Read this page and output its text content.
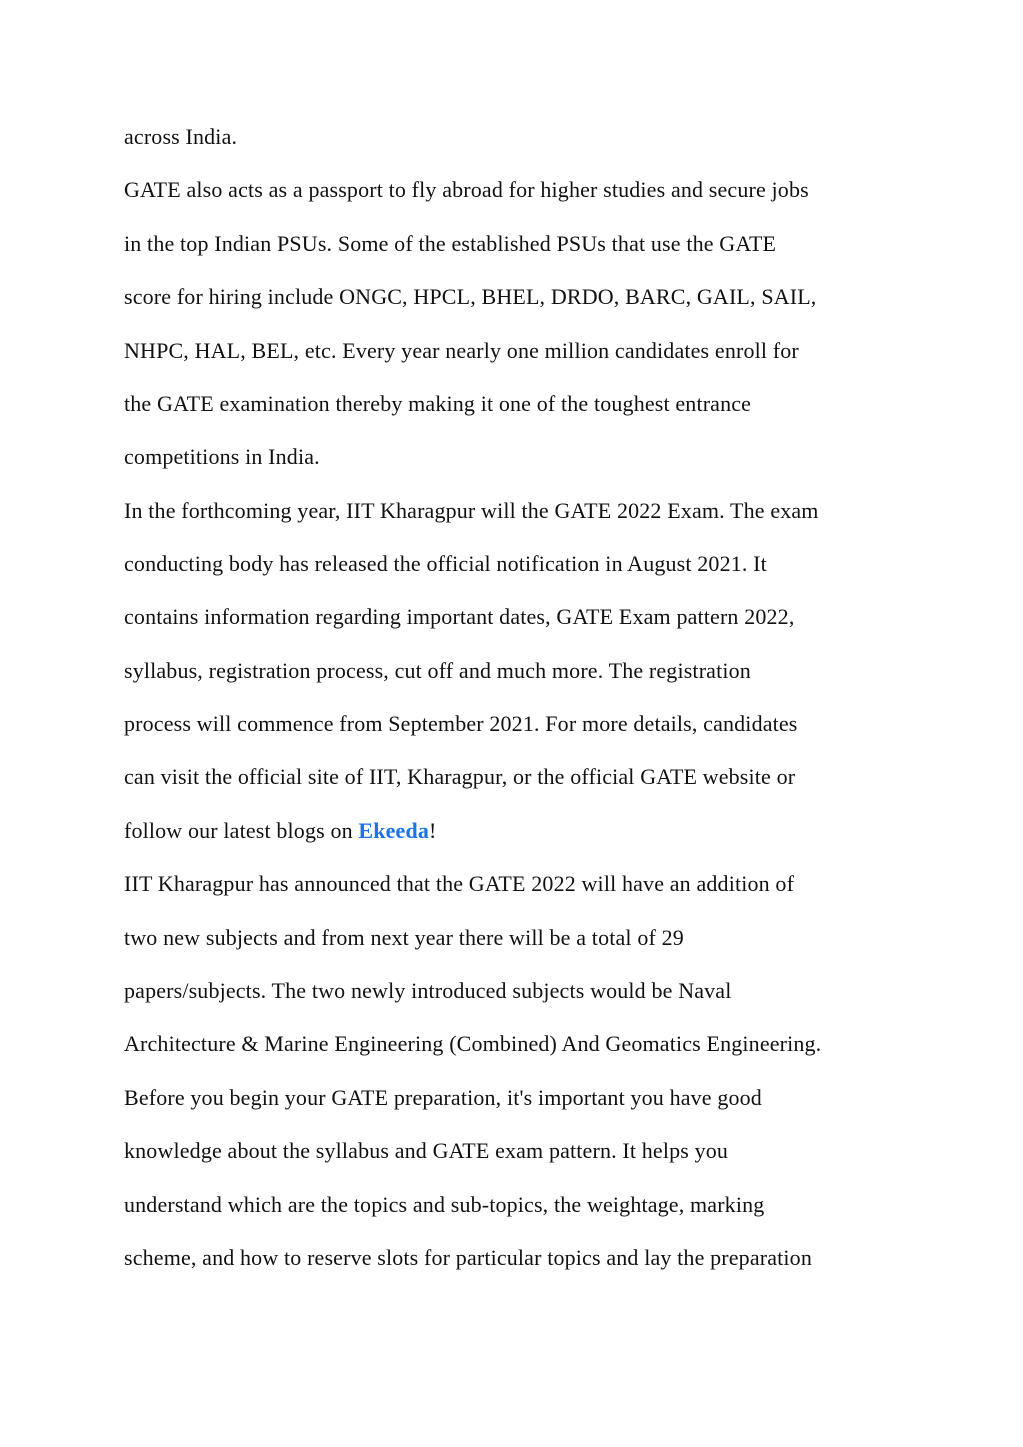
across India.
GATE also acts as a passport to fly abroad for higher studies and secure jobs
in the top Indian PSUs. Some of the established PSUs that use the GATE
score for hiring include ONGC, HPCL, BHEL, DRDO, BARC, GAIL, SAIL,
NHPC, HAL, BEL, etc. Every year nearly one million candidates enroll for
the GATE examination thereby making it one of the toughest entrance
competitions in India.
In the forthcoming year, IIT Kharagpur will the GATE 2022 Exam. The exam
conducting body has released the official notification in August 2021. It
contains information regarding important dates, GATE Exam pattern 2022,
syllabus, registration process, cut off and much more. The registration
process will commence from September 2021. For more details, candidates
can visit the official site of IIT, Kharagpur, or the official GATE website or
follow our latest blogs on Ekeeda!
IIT Kharagpur has announced that the GATE 2022 will have an addition of
two new subjects and from next year there will be a total of 29
papers/subjects. The two newly introduced subjects would be Naval
Architecture & Marine Engineering (Combined) And Geomatics Engineering.
Before you begin your GATE preparation, it's important you have good
knowledge about the syllabus and GATE exam pattern. It helps you
understand which are the topics and sub-topics, the weightage, marking
scheme, and how to reserve slots for particular topics and lay the preparation
